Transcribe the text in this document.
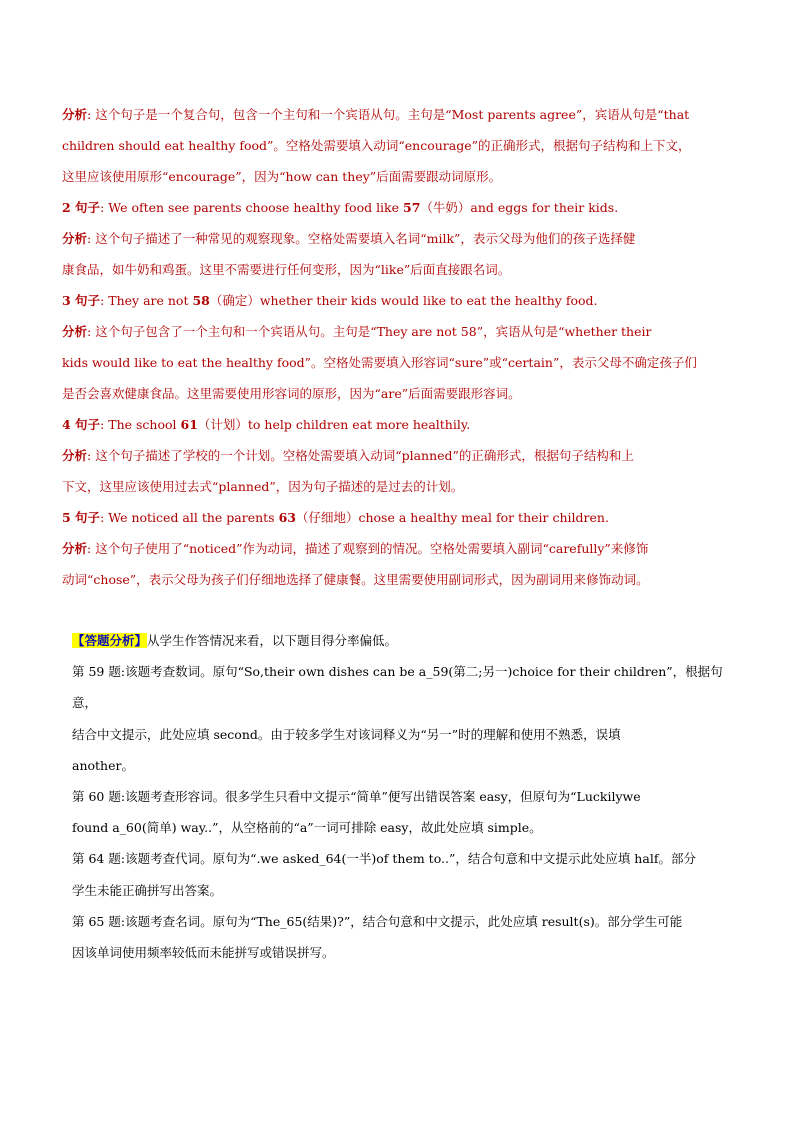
分析: 这个句子是一个复合句，包含一个主句和一个宾语从句。主句是“Most parents agree”，宾语从句是“that

children should eat healthy food”。空格处需要填入动词“encourage”的正确形式，根据句子结构和上下文，

这里应该使用原形“encourage”，因为“how can they”后面需要跟动词原形。

2 句子: We often see parents choose healthy food like 57（牛奶）and eggs for their kids.

分析: 这个句子描述了一种常见的观察现象。空格处需要填入名词“milk”，表示父母为他们的孩子选择健

康食品，如牛奶和鸡蛋。这里不需要进行任何变形，因为“like”后面直接跟名词。

3 句子: They are not 58（确定）whether their kids would like to eat the healthy food.

分析: 这个句子包含了一个主句和一个宾语从句。主句是“They are not 58”，宾语从句是“whether their

kids would like to eat the healthy food”。空格处需要填入形容词“sure”或“certain”，表示父母不确定孩子们

是否会喜欢健康食品。这里需要使用形容词的原形，因为“are”后面需要跟形容词。

4 句子: The school 61（计划）to help children eat more healthily.

分析: 这个句子描述了学校的一个计划。空格处需要填入动词“planned”的正确形式，根据句子结构和上

下文，这里应该使用过去式“planned”，因为句子描述的是过去的计划。

5 句子: We noticed all the parents 63（仔细地）chose a healthy meal for their children.

分析: 这个句子使用了“noticed”作为动词，描述了观察到的情况。空格处需要填入副词“carefully”来修饰

动词“chose”，表示父母为孩子们仔细地选择了健康餐。这里需要使用副词形式，因为副词用来修饰动词。

【答题分析】从学生作答情况来看，以下题目得分率偏低。

第 59 题:该题考查数词。原句“So,their own dishes can be a_59(第二;另一)choice for their children”，根据句意，

结合中文提示，此处应填 second。由于较多学生对该词释义为“另一”时的理解和使用不熟悉，误填

another。

第 60 题:该题考查形容词。很多学生只看中文提示“简单”便写出错误答案 easy，但原句为“Luckilywe

found a_60(简单) way..”，从空格前的“a”一词可排除 easy，故此处应填 simple。

第 64 题:该题考查代词。原句为“.we asked_64(一半)of them to..”，结合句意和中文提示此处应填 half。部分

学生未能正确拼写出答案。

第 65 题:该题考查名词。原句为“The_65(结果)?”，结合句意和中文提示，此处应填 result(s)。部分学生可能

因该单词使用频率较低而未能拼写或错误拼写。
